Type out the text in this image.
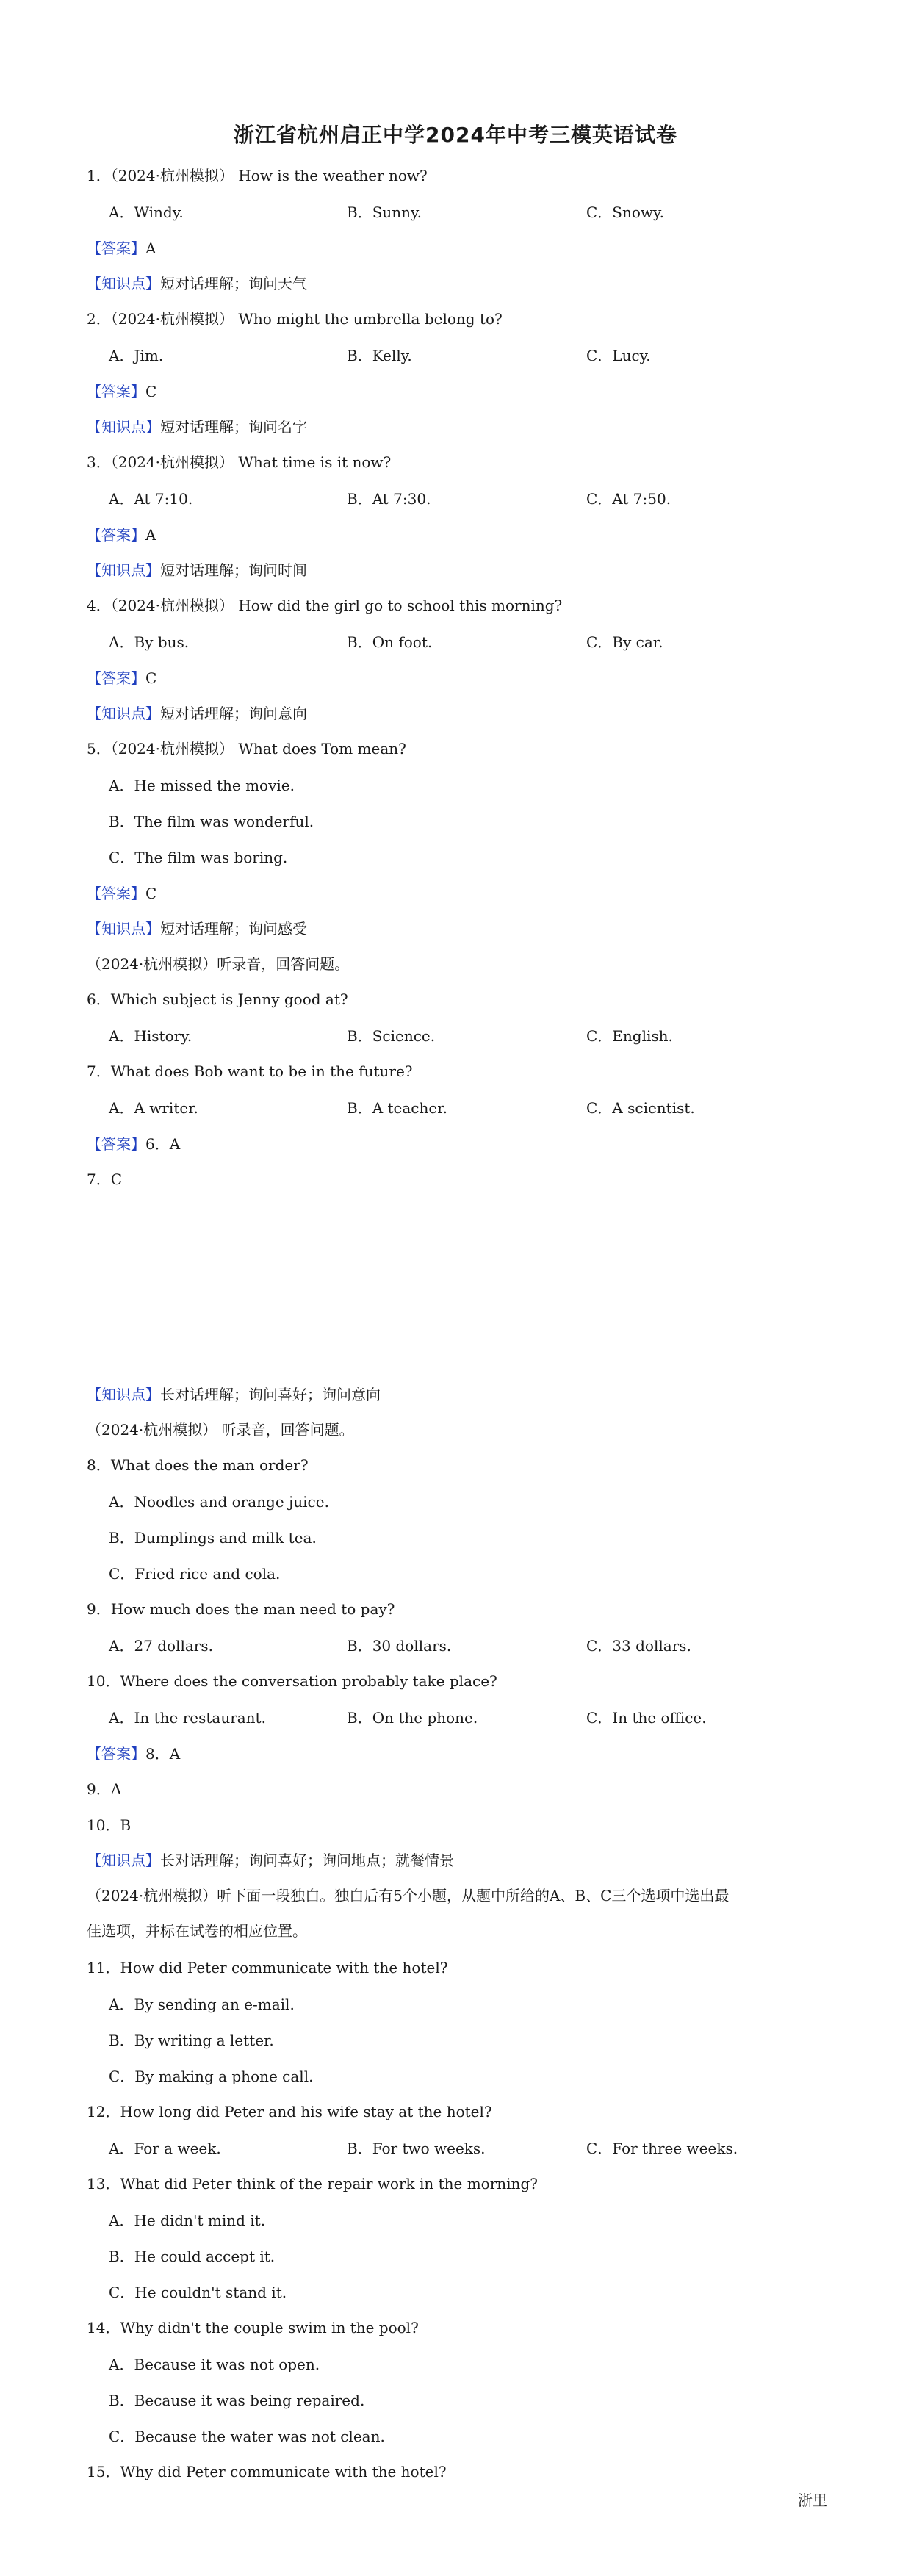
浙江省杭州启正中学2024年中考三模英语试卷
1．（2024·杭州模拟） How is the weather now?
A．Windy.	B．Sunny.	C．Snowy.
【答案】A
【知识点】短对话理解；询问天气
2．（2024·杭州模拟） Who might the umbrella belong to?
A．Jim.	B．Kelly.	C．Lucy.
【答案】C
【知识点】短对话理解；询问名字
3．（2024·杭州模拟） What time is it now?
A．At 7:10.	B．At 7:30.	C．At 7:50.
【答案】A
【知识点】短对话理解；询问时间
4．（2024·杭州模拟） How did the girl go to school this morning?
A．By bus.	B．On foot.	C．By car.
【答案】C
【知识点】短对话理解；询问意向
5．（2024·杭州模拟） What does Tom mean?
A．He missed the movie.
B．The film was wonderful.
C．The film was boring.
【答案】C
【知识点】短对话理解；询问感受
（2024·杭州模拟）听录音，回答问题。
6．Which subject is Jenny good at?
A．History.	B．Science.	C．English.
7．What does Bob want to be in the future?
A．A writer.	B．A teacher.	C．A scientist.
【答案】6．A
7．C
【知识点】长对话理解；询问喜好；询问意向
（2024·杭州模拟） 听录音，回答问题。
8．What does the man order?
A．Noodles and orange juice.
B．Dumplings and milk tea.
C．Fried rice and cola.
9．How much does the man need to pay?
A．27 dollars.	B．30 dollars.	C．33 dollars.
10．Where does the conversation probably take place?
A．In the restaurant.	B．On the phone.	C．In the office.
【答案】8．A
9．A
10．B
【知识点】长对话理解；询问喜好；询问地点；就餐情景
（2024·杭州模拟）听下面一段独白。独白后有5个小题，从题中所给的A、B、C三个选项中选出最
佳选项，并标在试卷的相应位置。
11．How did Peter communicate with the hotel?
A．By sending an e-mail.
B．By writing a letter.
C．By making a phone call.
12．How long did Peter and his wife stay at the hotel?
A．For a week.	B．For two weeks.	C．For three weeks.
13．What did Peter think of the repair work in the morning?
A．He didn't mind it.
B．He could accept it.
C．He couldn't stand it.
14．Why didn't the couple swim in the pool?
A．Because it was not open.
B．Because it was being repaired.
C．Because the water was not clean.
15．Why did Peter communicate with the hotel?
浙里
